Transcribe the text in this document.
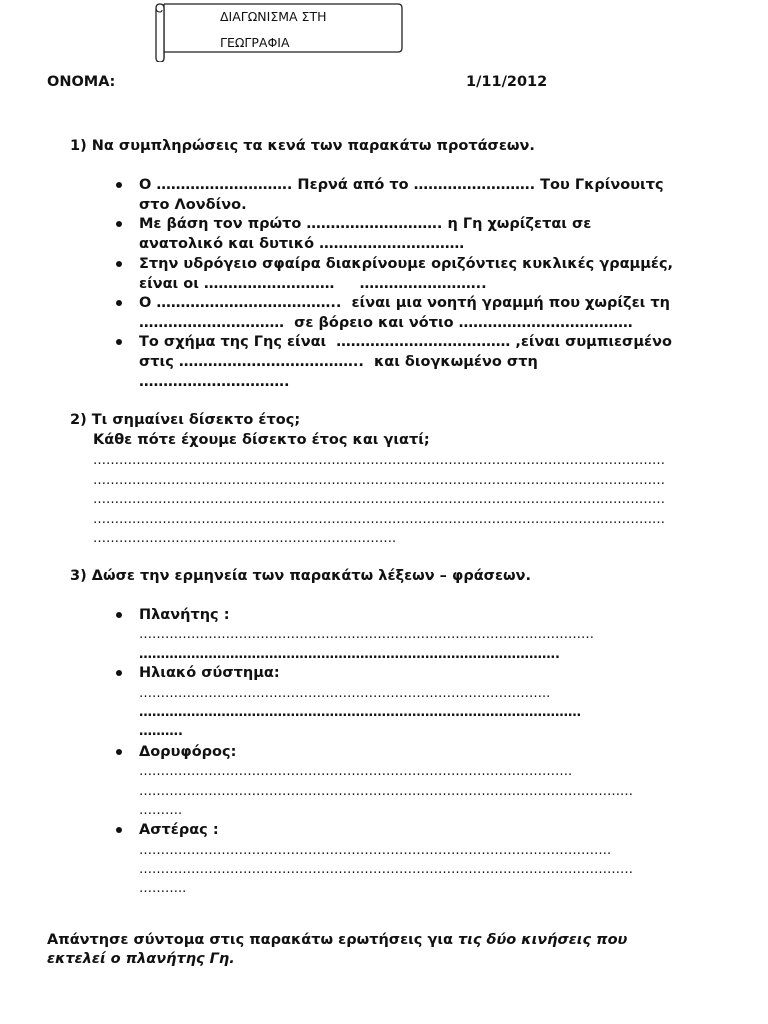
ΔΙΑΓΩΝΙΣΜΑ ΣΤΗ
ΓΕΩΓΡΑΦΙΑ
ΟΝΟΜΑ:	1/11/2012
1) Να συμπληρώσεις τα κενά των παρακάτω προτάσεων.
Ο ………………………. Περνά από το ……………………. Του Γκρίνουιτς
στο Λονδίνο.
Με βάση τον πρώτο ………………………. η Γη χωρίζεται σε
ανατολικό και δυτικό …………………………
Στην υδρόγειο σφαίρα διακρίνουμε οριζόντιες κυκλικές γραμμές,
είναι οι ………………………     ……………………..
Ο ………………………………..  είναι μια νοητή γραμμή που χωρίζει τη
…………………………  σε βόρειο και νότιο ………………………………
Το σχήμα της Γης είναι  ……………………………… ,είναι συμπιεσμένο
στις ………………………………..  και διογκωμένο στη
………………………….
2) Τι σημαίνει δίσεκτο έτος;
Κάθε πότε έχουμε δίσεκτο έτος και γιατί;
……………………………………………………………………………………………………………………
……………………………………………………………………………………………………………………
……………………………………………………………………………………………………………………
……………………………………………………………………………………………………………………
…………………………………………………………….
3) Δώσε την ερμηνεία των παρακάτω λέξεων – φράσεων.
Πλανήτης :
……………………………………………………………………………………………
…………………………………………………………………………………….
Ηλιακό σύστημα:
…………………………………………………………………………………..
…………………………………………………………………………………………
……….
Δορυφόρος:
……………………………………………………………………………………….
……………………………………………………………………………………………………
……….
Αστέρας :
……………………………………………………………………………………………….
……………………………………………………………………………………………………
………..
Απάντησε σύντομα στις παρακάτω ερωτήσεις για τις δύο κινήσεις που
εκτελεί ο πλανήτης Γη.
